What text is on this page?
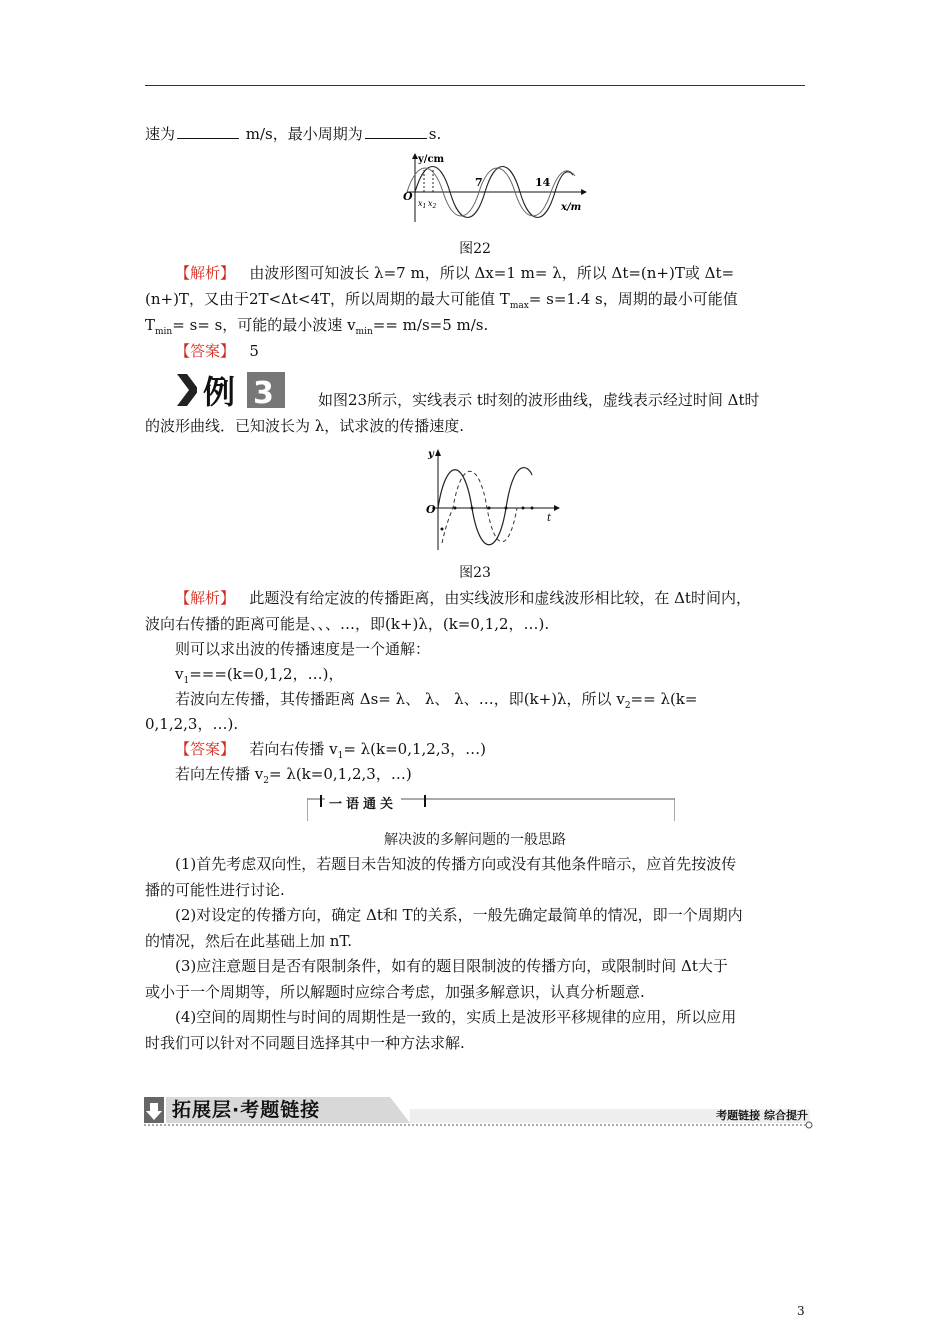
速为	m/s，最小周期为	s.
y/cm
O
$x_1$ $x_2$
7	14
x/m
图22
【解析】 由波形图可知波长 λ=7 m，所以 Δx=1 m= λ，所以 Δt=(n+)T或 Δt=
(n+)T，又由于2T<Δt<4T，所以周期的最大可能值 $T_{max}= s=1.4$ s，周期的最小可能值
$T_{min}= s= s$，可能的最小波速 $v_{min}== m/s=5$ m/s.
【答案】 5
例 3	如图23所示，实线表示 t时刻的波形曲线，虚线表示经过时间 Δt时
的波形曲线．已知波长为 λ，试求波的传播速度.
y
O
t
图23
【解析】 此题没有给定波的传播距离，由实线波形和虚线波形相比较，在 Δt时间内，
波向右传播的距离可能是、、、…，即(k+)λ，(k=0,1,2，…).
则可以求出波的传播速度是一个通解：
$v_1===(k=0,1,2$，…)，
若波向左传播，其传播距离 Δs= λ、 λ、 λ、…，即(k+)λ，所以 $v_2== \lambda(k=$
0,1,2,3，…).
【答案】 若向右传播 $v_1= \lambda(k=0,1,2,3$，…)
若向左传播 $v_2= \lambda(k=0,1,2,3$，…)
一语通关
解决波的多解问题的一般思路
(1)首先考虑双向性，若题目未告知波的传播方向或没有其他条件暗示，应首先按波传
播的可能性进行讨论.
(2)对设定的传播方向，确定 Δt和 T的关系，一般先确定最简单的情况，即一个周期内
的情况，然后在此基础上加 nT.
(3)应注意题目是否有限制条件，如有的题目限制波的传播方向，或限制时间 Δt大于
或小于一个周期等，所以解题时应综合考虑，加强多解意识，认真分析题意.
(4)空间的周期性与时间的周期性是一致的，实质上是波形平移规律的应用，所以应用
时我们可以针对不同题目选择其中一种方法求解.
拓展层·考题链接	考题链接 综合提升
3
